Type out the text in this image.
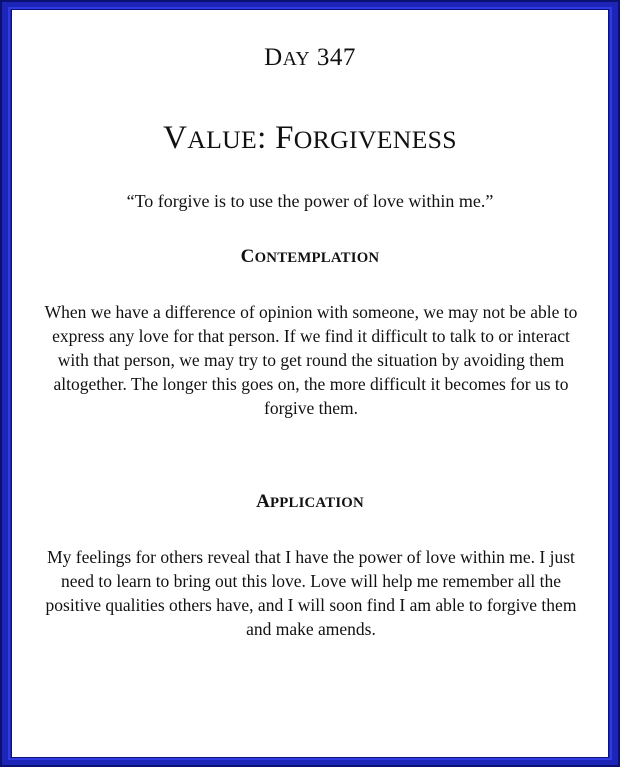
DAY 347
VALUE: FORGIVENESS
“To forgive is to use the power of love within me.”
CONTEMPLATION
When we have a difference of opinion with someone, we may not be able to express any love for that person. If we find it difficult to talk to or interact with that person, we may try to get round the situation by avoiding them altogether. The longer this goes on, the more difficult it becomes for us to forgive them.
APPLICATION
My feelings for others reveal that I have the power of love within me. I just need to learn to bring out this love. Love will help me remember all the positive qualities others have, and I will soon find I am able to forgive them and make amends.
